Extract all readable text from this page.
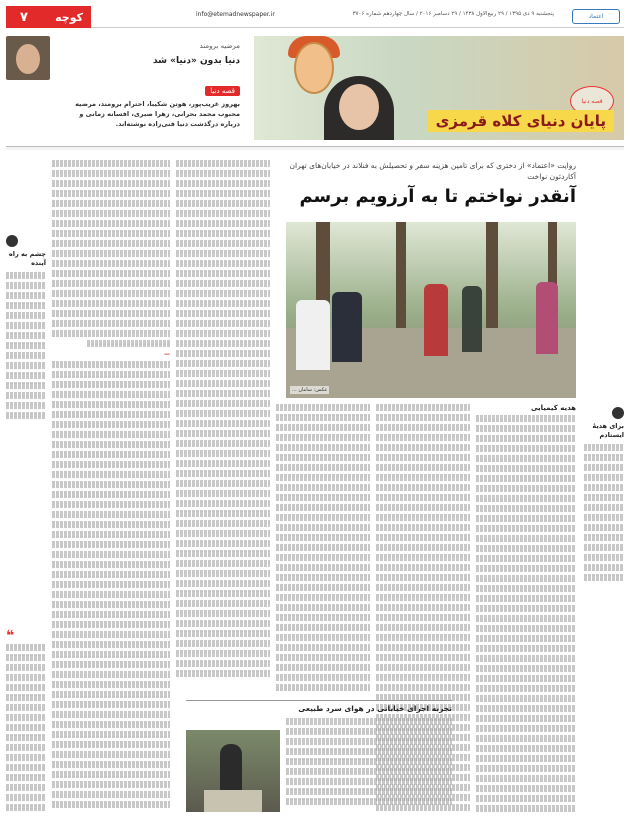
۷ کوچه	info@etemadnewspaper.ir	پنجشنبه ۹ دی ۱۳۹۵ / ۲۹ ربیع‌الاول ۱۴۳۸ / ۲۹ دسامبر ۲۰۱۶ / سال چهاردهم شماره ۳۷۰۶	اعتماد
مرضیه برومند
دنیا بدون «دنیا» شد
قصه دنیا
بهروز غریب‌پور، هوتن شکیبا، احترام برومند، مرضیه محبوب محمد بحرانی، زهرا صبری، افسانه زمانی و درباره درگذشت دنیا فنی‌زاده نوشته‌اند.
قصه دنیا
پایان دنیای کلاه قرمزی
روایت «اعتماد» از دختری که برای تامین هزینه سفر و تحصیلش به فنلاند در خیابان‌های تهران آکاردئون نواخت
آنقدر نواختم تا به آرزویم برسم
عکس: سامان ...
—
هدیه کیمیایی
برای هدیهٔ ایستادم
چشم به راه آینده
❝
تجربه اجرای خیابانی در هوای سرد طبیعی
